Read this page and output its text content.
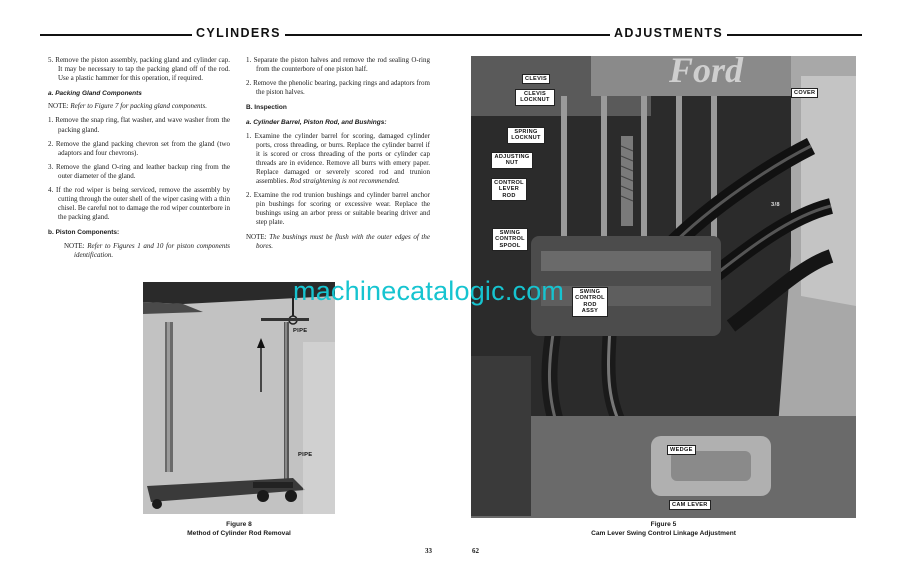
CYLINDERS
5. Remove the piston assembly, packing gland and cylinder cap. It may be necessary to tap the packing gland off of the rod. Use a plastic hammer for this operation, if required.
a. Packing Gland Components
NOTE: Refer to Figure 7 for packing gland components.
1. Remove the snap ring, flat washer, and wave washer from the packing gland.
2. Remove the gland packing chevron set from the gland (two adaptors and four chevrons).
3. Remove the gland O-ring and leather backup ring from the outer diameter of the gland.
4. If the rod wiper is being serviced, remove the assembly by cutting through the outer shell of the wiper casing with a thin chisel. Be careful not to damage the rod wiper counterbore in the packing gland.
b. Piston Components:
NOTE: Refer to Figures 1 and 10 for piston components identification.
1. Separate the piston halves and remove the rod sealing O-ring from the counterbore of one piston half.
2. Remove the phenolic bearing, packing rings and adaptors from the piston halves.
B. Inspection
a. Cylinder Barrel, Piston Rod, and Bushings:
1. Examine the cylinder barrel for scoring, damaged cylinder ports, cross threading, or burrs. Replace the cylinder barrel if it is scored or cross threading of the ports or cylinder cap threads are in evidence. Remove all burrs with emery paper. Replace damaged or severely scored rod and trunion assemblies. Rod straightening is not recommended.
2. Examine the rod trunion bushings and cylinder barrel anchor pin bushings for scoring or excessive wear. Replace the bushings using an arbor press or suitable bearing driver and step plate.
NOTE: The bushings must be flush with the outer edges of the bores.
PIPE
PIPE
Figure 8
Method of Cylinder Rod Removal
33
ADJUSTMENTS
Ford
CLEVIS
CLEVIS LOCKNUT
SPRING LOCKNUT
ADJUSTING NUT
CONTROL LEVER ROD
SWING CONTROL SPOOL
SWING CONTROL ROD ASSY
COVER
WEDGE
CAM LEVER
3/8
Figure 5
Cam Lever Swing Control Linkage Adjustment
62
machinecatalogic.com
